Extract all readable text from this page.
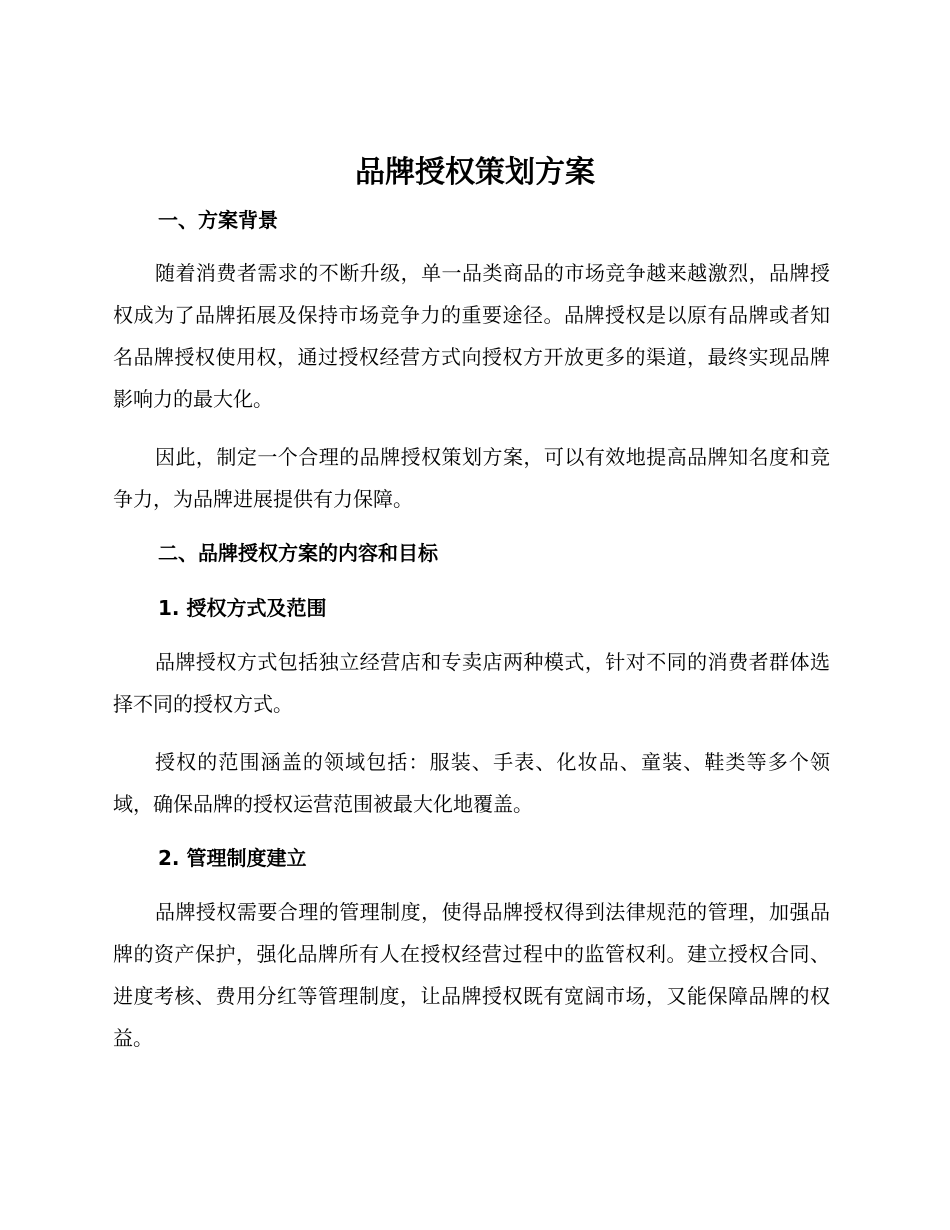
品牌授权策划方案
一、方案背景

随着消费者需求的不断升级，单一品类商品的市场竞争越来越激烈，品牌授权成为了品牌拓展及保持市场竞争力的重要途径。品牌授权是以原有品牌或者知名品牌授权使用权，通过授权经营方式向授权方开放更多的渠道，最终实现品牌影响力的最大化。

因此，制定一个合理的品牌授权策划方案，可以有效地提高品牌知名度和竞争力，为品牌进展提供有力保障。

二、品牌授权方案的内容和目标
1. 授权方式及范围

品牌授权方式包括独立经营店和专卖店两种模式，针对不同的消费者群体选择不同的授权方式。

授权的范围涵盖的领域包括：服装、手表、化妆品、童装、鞋类等多个领域，确保品牌的授权运营范围被最大化地覆盖。

2. 管理制度建立

品牌授权需要合理的管理制度，使得品牌授权得到法律规范的管理，加强品牌的资产保护，强化品牌所有人在授权经营过程中的监管权利。建立授权合同、进度考核、费用分红等管理制度，让品牌授权既有宽阔市场，又能保障品牌的权益。
